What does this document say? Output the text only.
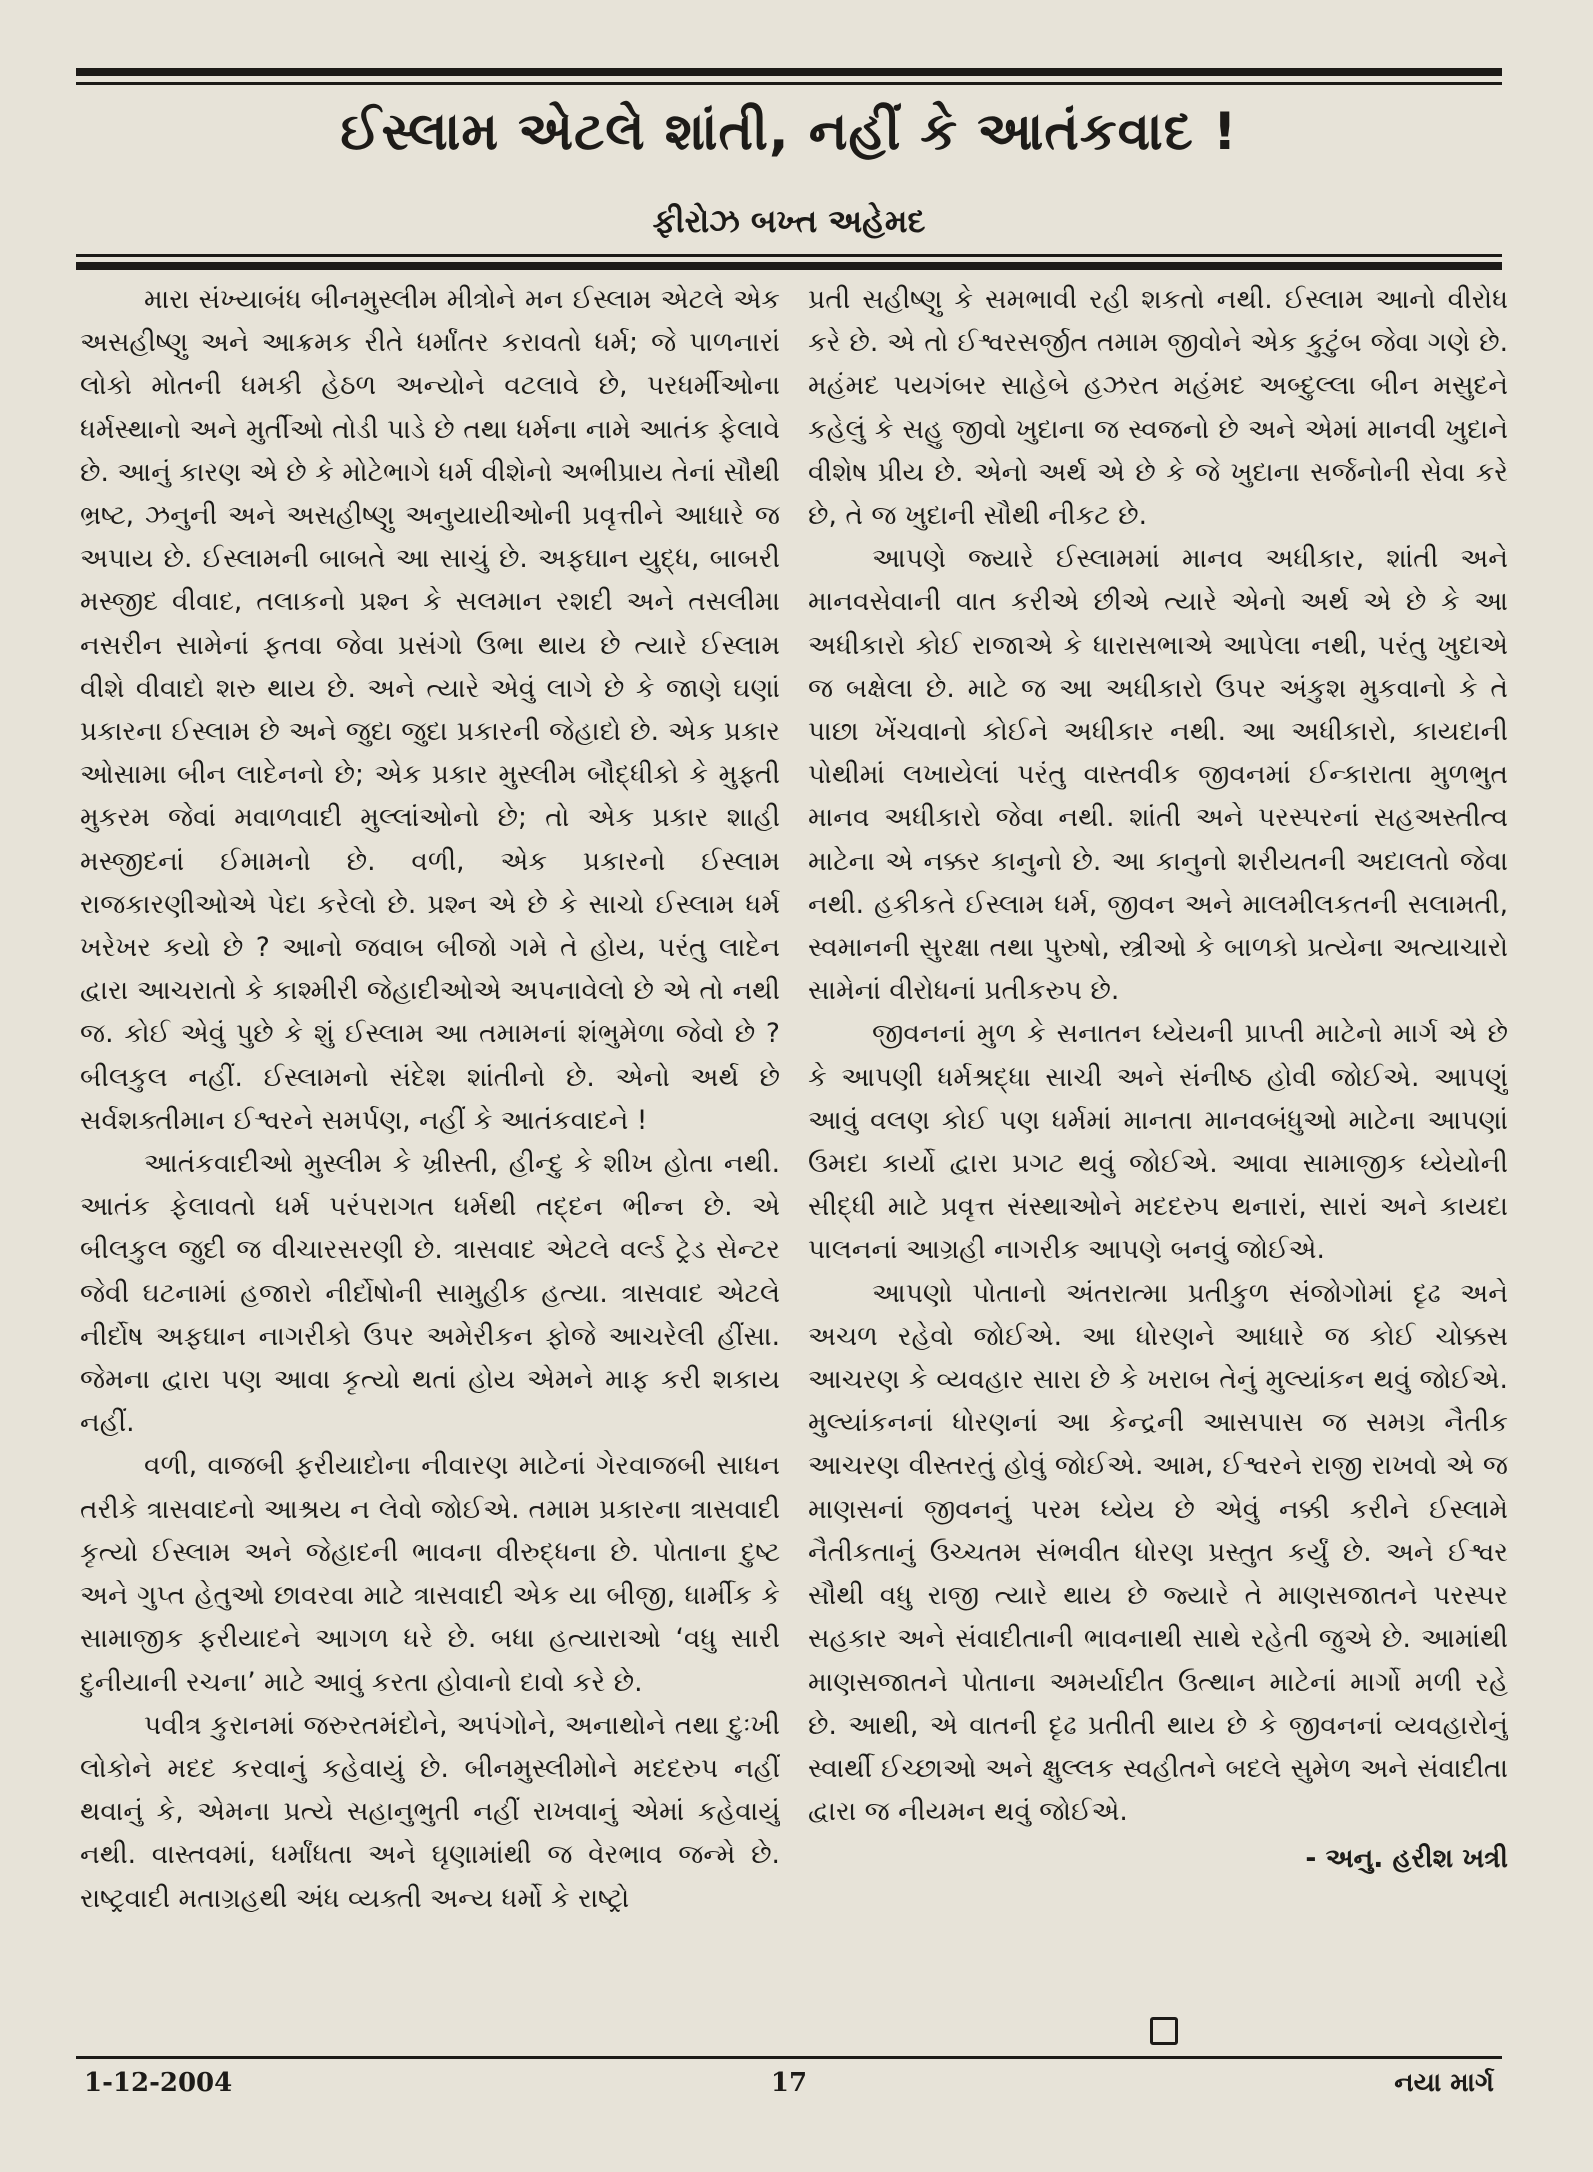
ઈસ્લામ એટલે શાંતી, નહીં કે આતંકવાદ !
ફીરોઝ બખ્ત અહેમદ

મારા સંખ્યાબંધ બીનમુસ્લીમ મીત્રોને મન ઈસ્લામ એટલે એક અસહીષ્ણુ અને આક્રમક રીતે ધર્માંતર કરાવતો ધર્મ; જે પાળનારાં લોકો મોતની ધમકી હેઠળ અન્યોને વટલાવે છે, પરધર્મીઓના ધર્મસ્થાનો અને મુર્તીઓ તોડી પાડે છે તથા ધર્મના નામે આતંક ફેલાવે છે. આનું કારણ એ છે કે મોટેભાગે ધર્મ વીશેનો અભીપ્રાય તેનાં સૌથી ભ્રષ્ટ, ઝનુની અને અસહીષ્ણુ અનુયાયીઓની પ્રવૃત્તીને આધારે જ અપાય છે. ઈસ્લામની બાબતે આ સાચું છે. અફઘાન યુદ્ધ, બાબરી મસ્જીદ વીવાદ, તલાકનો પ્રશ્ન કે સલમાન રશદી અને તસલીમા નસરીન સામેનાં ફતવા જેવા પ્રસંગો ઉભા થાય છે ત્યારે ઈસ્લામ વીશે વીવાદો શરુ થાય છે. અને ત્યારે એવું લાગે છે કે જાણે ઘણાં પ્રકારના ઈસ્લામ છે અને જુદા જુદા પ્રકારની જેહાદો છે. એક પ્રકાર ઓસામા બીન લાદેનનો છે; એક પ્રકાર મુસ્લીમ બૌદ્ધીકો કે મુફ્તી મુકરમ જેવાં મવાળવાદી મુલ્લાંઓનો છે; તો એક પ્રકાર શાહી મસ્જીદનાં ઈમામનો છે. વળી, એક પ્રકારનો ઈસ્લામ રાજકારણીઓએ પેદા કરેલો છે. પ્રશ્ન એ છે કે સાચો ઈસ્લામ ધર્મ ખરેખર કયો છે ? આનો જવાબ બીજો ગમે તે હોય, પરંતુ લાદેન દ્વારા આચરાતો કે કાશ્મીરી જેહાદીઓએ અપનાવેલો છે એ તો નથી જ. કોઈ એવું પુછે કે શું ઈસ્લામ આ તમામનાં શંભુમેળા જેવો છે ? બીલકુલ નહીં. ઈસ્લામનો સંદેશ શાંતીનો છે. એનો અર્થ છે સર્વશક્તીમાન ઈશ્વરને સમર્પણ, નહીં કે આતંકવાદને !

આતંકવાદીઓ મુસ્લીમ કે ખ્રીસ્તી, હીન્દુ કે શીખ હોતા નથી. આતંક ફેલાવતો ધર્મ પરંપરાગત ધર્મથી તદ્દન ભીન્ન છે. એ બીલકુલ જુદી જ વીચારસરણી છે. ત્રાસવાદ એટલે વર્લ્ડ ટ્રેડ સેન્ટર જેવી ઘટનામાં હજારો નીર્દોષોની સામુહીક હત્યા. ત્રાસવાદ એટલે નીર્દોષ અફઘાન નાગરીકો ઉપર અમેરીકન ફોજે આચરેલી હીંસા. જેમના દ્વારા પણ આવા કૃત્યો થતાં હોય એમને માફ કરી શકાય નહીં.

વળી, વાજબી ફરીયાદોના નીવારણ માટેનાં ગેરવાજબી સાધન તરીકે ત્રાસવાદનો આશ્રય ન લેવો જોઈએ. તમામ પ્રકારના ત્રાસવાદી કૃત્યો ઈસ્લામ અને જેહાદની ભાવના વીરુદ્ધના છે. પોતાના દુષ્ટ અને ગુપ્ત હેતુઓ છાવરવા માટે ત્રાસવાદી એક યા બીજી, ધાર્મીક કે સામાજીક ફરીયાદને આગળ ધરે છે. બધા હત્યારાઓ ‘વધુ સારી દુનીયાની રચના’ માટે આવું કરતા હોવાનો દાવો કરે છે.

પવીત્ર કુરાનમાં જરુરતમંદોને, અપંગોને, અનાથોને તથા દુઃખી લોકોને મદદ કરવાનું કહેવાયું છે. બીનમુસ્લીમોને મદદરુપ નહીં થવાનું કે, એમના પ્રત્યે સહાનુભુતી નહીં રાખવાનું એમાં કહેવાયું નથી. વાસ્તવમાં, ધર્માંધતા અને ઘૃણામાંથી જ વેરભાવ જન્મે છે. રાષ્ટ્રવાદી મતાગ્રહથી અંધ વ્યક્તી અન્ય ધર્મો કે રાષ્ટ્રો

પ્રતી સહીષ્ણુ કે સમભાવી રહી શકતો નથી. ઈસ્લામ આનો વીરોધ કરે છે. એ તો ઈશ્વરસર્જીત તમામ જીવોને એક કુટુંબ જેવા ગણે છે. મહંમદ પયગંબર સાહેબે હઝરત મહંમદ અબ્દુલ્લા બીન મસુદને કહેલું કે સહુ જીવો ખુદાના જ સ્વજનો છે અને એમાં માનવી ખુદાને વીશેષ પ્રીય છે. એનો અર્થ એ છે કે જે ખુદાના સર્જનોની સેવા કરે છે, તે જ ખુદાની સૌથી નીકટ છે.

આપણે જ્યારે ઈસ્લામમાં માનવ અધીકાર, શાંતી અને માનવસેવાની વાત કરીએ છીએ ત્યારે એનો અર્થ એ છે કે આ અધીકારો કોઈ રાજાએ કે ધારાસભાએ આપેલા નથી, પરંતુ ખુદાએ જ બક્ષેલા છે. માટે જ આ અધીકારો ઉપર અંકુશ મુકવાનો કે તે પાછા ખેંચવાનો કોઈને અધીકાર નથી. આ અધીકારો, કાયદાની પોથીમાં લખાયેલાં પરંતુ વાસ્તવીક જીવનમાં ઈન્કારાતા મુળભુત માનવ અધીકારો જેવા નથી. શાંતી અને પરસ્પરનાં સહઅસ્તીત્વ માટેના એ નક્કર કાનુનો છે. આ કાનુનો શરીયતની અદાલતો જેવા નથી. હકીકતે ઈસ્લામ ધર્મ, જીવન અને માલમીલકતની સલામતી, સ્વમાનની સુરક્ષા તથા પુરુષો, સ્ત્રીઓ કે બાળકો પ્રત્યેના અત્યાચારો સામેનાં વીરોધનાં પ્રતીકરુપ છે.

જીવનનાં મુળ કે સનાતન ધ્યેયની પ્રાપ્તી માટેનો માર્ગ એ છે કે આપણી ધર્મશ્રદ્ધા સાચી અને સંનીષ્ઠ હોવી જોઈએ. આપણું આવું વલણ કોઈ પણ ધર્મમાં માનતા માનવબંધુઓ માટેના આપણાં ઉમદા કાર્યો દ્વારા પ્રગટ થવું જોઈએ. આવા સામાજીક ધ્યેયોની સીદ્ધી માટે પ્રવૃત્ત સંસ્થાઓને મદદરુપ થનારાં, સારાં અને કાયદા પાલનનાં આગ્રહી નાગરીક આપણે બનવું જોઈએ.

આપણો પોતાનો અંતરાત્મા પ્રતીકુળ સંજોગોમાં દૃઢ અને અચળ રહેવો જોઈએ. આ ધોરણને આધારે જ કોઈ ચોક્કસ આચરણ કે વ્યવહાર સારા છે કે ખરાબ તેનું મુલ્યાંકન થવું જોઈએ. મુલ્યાંકનનાં ધોરણનાં આ કેન્દ્રની આસપાસ જ સમગ્ર નૈતીક આચરણ વીસ્તરતું હોવું જોઈએ. આમ, ઈશ્વરને રાજી રાખવો એ જ માણસનાં જીવનનું પરમ ધ્યેય છે એવું નક્કી કરીને ઈસ્લામે નૈતીકતાનું ઉચ્ચતમ સંભવીત ધોરણ પ્રસ્તુત કર્યું છે. અને ઈશ્વર સૌથી વધુ રાજી ત્યારે થાય છે જ્યારે તે માણસજાતને પરસ્પર સહકાર અને સંવાદીતાની ભાવનાથી સાથે રહેતી જુએ છે. આમાંથી માણસજાતને પોતાના અમર્યાદીત ઉત્થાન માટેનાં માર્ગો મળી રહે છે. આથી, એ વાતની દૃઢ પ્રતીતી થાય છે કે જીવનનાં વ્યવહારોનું સ્વાર્થી ઈચ્છાઓ અને ક્ષુલ્લક સ્વહીતને બદલે સુમેળ અને સંવાદીતા દ્વારા જ નીયમન થવું જોઈએ.

- અનુ. હરીશ ખત્રી
1-12-2004	17	નયા માર્ગ
